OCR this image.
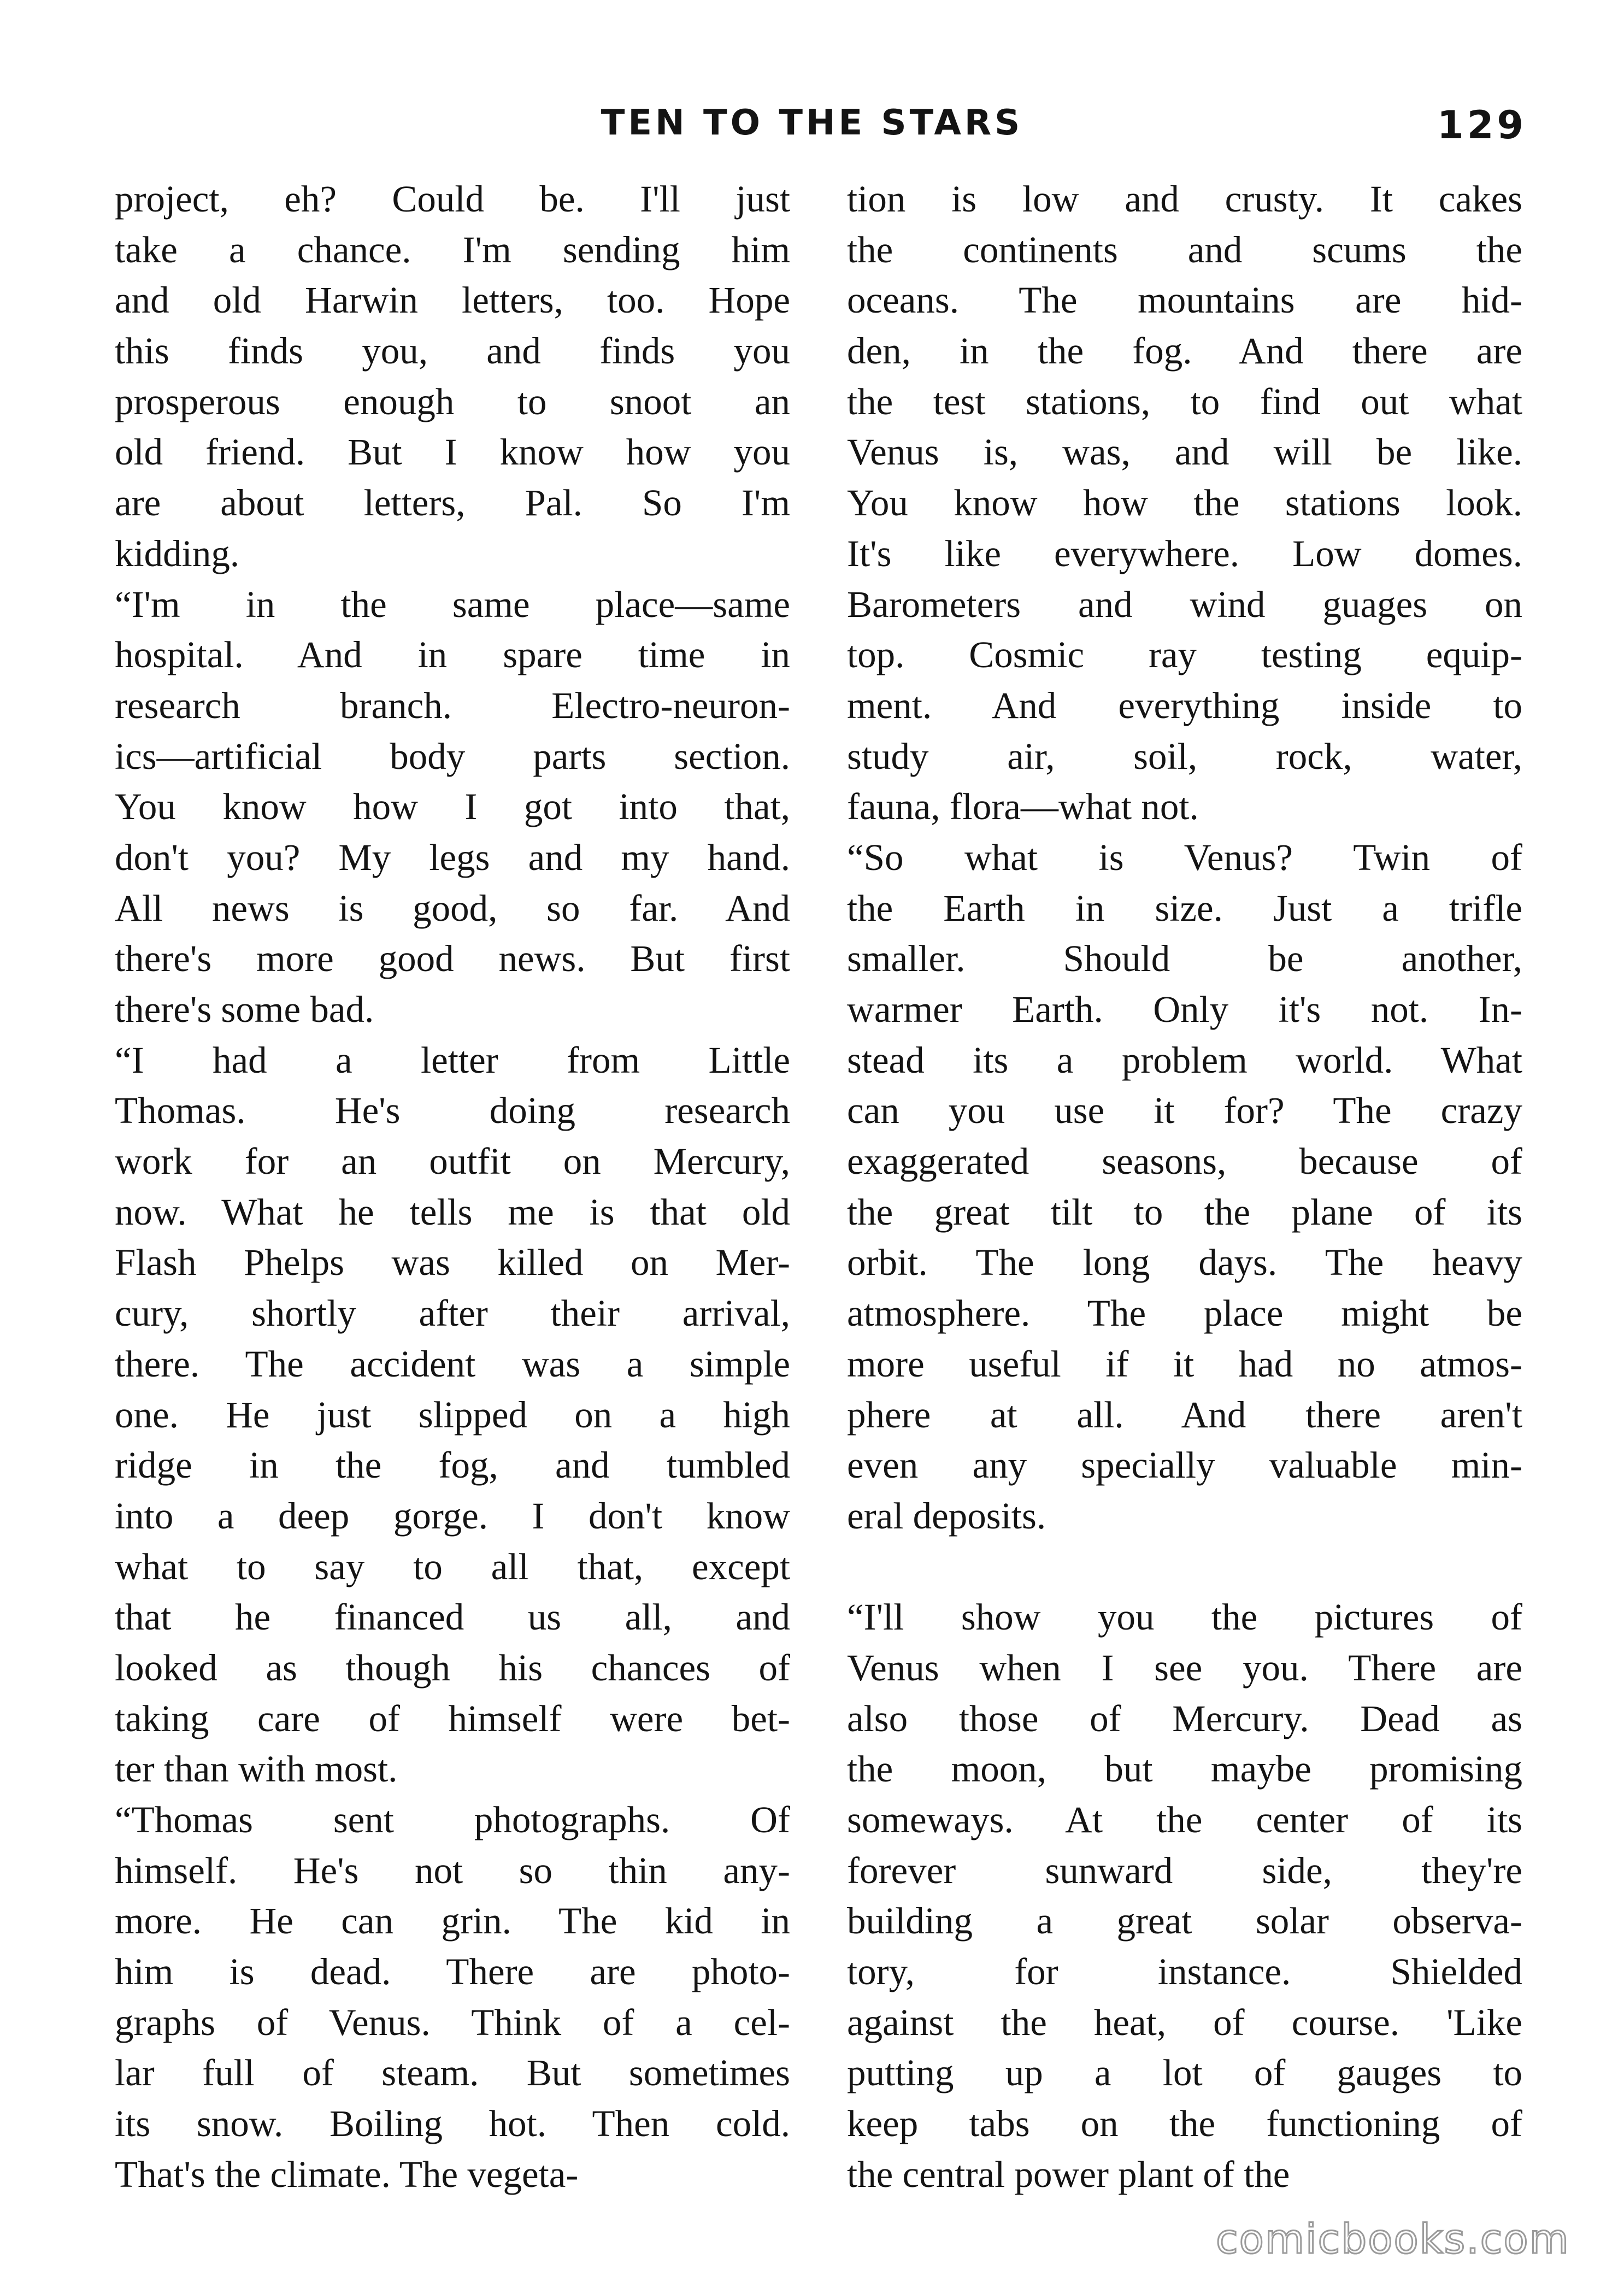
TEN TO THE STARS	129
project, eh? Could be. I'll just
take a chance. I'm sending him
and old Harwin letters, too. Hope
this finds you, and finds you
prosperous enough to snoot an
old friend. But I know how you
are about letters, Pal. So I'm
kidding.
“I'm in the same place—same
hospital. And in spare time in
research branch. Electro-neuron-
ics—artificial body parts section.
You know how I got into that,
don't you? My legs and my hand.
All news is good, so far. And
there's more good news. But first
there's some bad.
“I had a letter from Little
Thomas. He's doing research
work for an outfit on Mercury,
now. What he tells me is that old
Flash Phelps was killed on Mer-
cury, shortly after their arrival,
there. The accident was a simple
one. He just slipped on a high
ridge in the fog, and tumbled
into a deep gorge. I don't know
what to say to all that, except
that he financed us all, and
looked as though his chances of
taking care of himself were bet-
ter than with most.
“Thomas sent photographs. Of
himself. He's not so thin any-
more. He can grin. The kid in
him is dead. There are photo-
graphs of Venus. Think of a cel-
lar full of steam. But sometimes
its snow. Boiling hot. Then cold.
That's the climate. The vegeta-
tion is low and crusty. It cakes
the continents and scums the
oceans. The mountains are hid-
den, in the fog. And there are
the test stations, to find out what
Venus is, was, and will be like.
You know how the stations look.
It's like everywhere. Low domes.
Barometers and wind guages on
top. Cosmic ray testing equip-
ment. And everything inside to
study air, soil, rock, water,
fauna, flora—what not.
“So what is Venus? Twin of
the Earth in size. Just a trifle
smaller. Should be another,
warmer Earth. Only it's not. In-
stead its a problem world. What
can you use it for? The crazy
exaggerated seasons, because of
the great tilt to the plane of its
orbit. The long days. The heavy
atmosphere. The place might be
more useful if it had no atmos-
phere at all. And there aren't
even any specially valuable min-
eral deposits.
“I'll show you the pictures of
Venus when I see you. There are
also those of Mercury. Dead as
the moon, but maybe promising
someways. At the center of its
forever sunward side, they're
building a great solar observa-
tory, for instance. Shielded
against the heat, of course. 'Like
putting up a lot of gauges to
keep tabs on the functioning of
the central power plant of the
comicbooks.com
